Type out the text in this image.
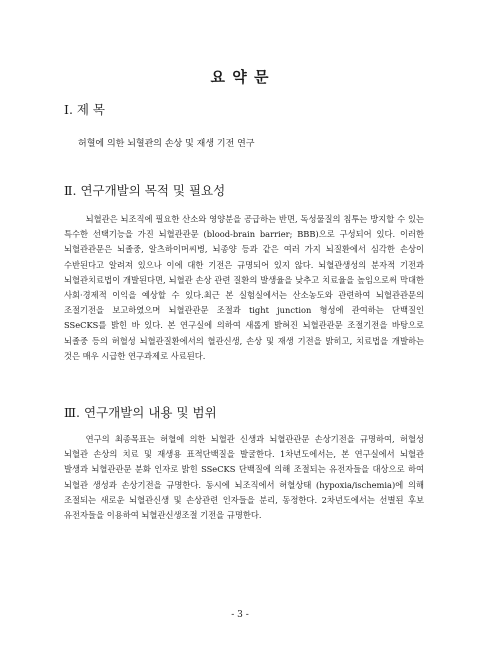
요 약 문
Ⅰ. 제 목
허혈에 의한 뇌혈관의 손상 및 재생 기전 연구
Ⅱ. 연구개발의 목적 및 필요성

뇌혈관은 뇌조직에 필요한 산소와 영양분을 공급하는 반면, 독성물질의 침투는 방지할 수 있는 특수한 선택기능을 가진 뇌혈관관문 (blood-brain barrier; BBB)으로 구성되어 있다. 이러한 뇌혈관관문은 뇌졸중, 알츠하이머씨병, 뇌종양 등과 같은 여러 가지 뇌질환에서 심각한 손상이 수반된다고 알려져 있으나 이에 대한 기전은 규명되어 있지 않다. 뇌혈관생성의 분자적 기전과 뇌혈관치료법이 개발된다면, 뇌혈관 손상 관련 질환의 발생율을 낮추고 치료율을 높임으로써 막대한 사회·경제적 이익을 예상할 수 있다.최근 본 실험실에서는 산소농도와 관련하여 뇌혈관관문의 조절기전을 보고하였으며 뇌혈관관문 조절과 tight junction 형성에 관여하는 단백질인 SSeCKS를 밝힌 바 있다. 본 연구실에 의하여 새롭게 밝혀진 뇌혈관관문 조절기전을 바탕으로 뇌졸중 등의 허혈성 뇌혈관질환에서의 혈관신생, 손상 및 재생 기전을 밝히고, 치료법을 개발하는 것은 매우 시급한 연구과제로 사료된다.

Ⅲ. 연구개발의 내용 및 범위

연구의 최종목표는 허혈에 의한 뇌혈관 신생과 뇌혈관관문 손상기전을 규명하여, 허혈성 뇌혈관 손상의 치료 및 재생용 표적단백질을 발굴한다. 1차년도에서는, 본 연구실에서 뇌혈관 발생과 뇌혈관관문 분화 인자로 밝힌 SSeCKS 단백질에 의해 조절되는 유전자들을 대상으로 하여 뇌혈관 생성과 손상기전을 규명한다. 동시에 뇌조직에서 허혈상태 (hypoxia/ischemia)에 의해 조절되는 새로운 뇌혈관신생 및 손상관련 인자들을 분리, 동정한다. 2차년도에서는 선별된 후보 유전자들을 이용하여 뇌혈관신생조절 기전을 규명한다.

- 3 -
